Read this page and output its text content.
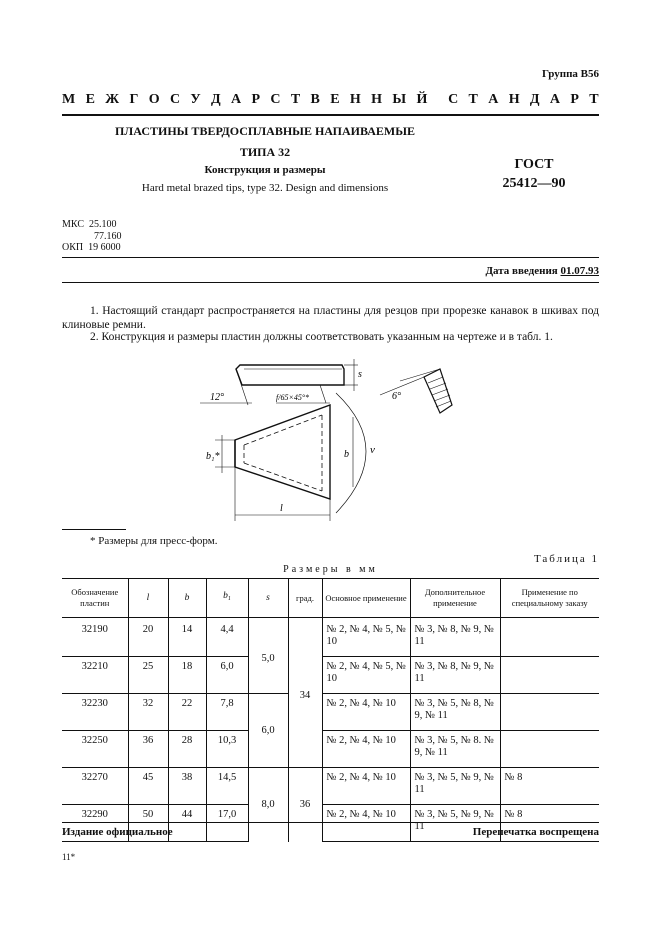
Группа В56
М Е Ж Г О С У Д А Р С Т В Е Н Н Ы Й С Т А Н Д А Р Т
ПЛАСТИНЫ ТВЕРДОСПЛАВНЫЕ НАПАИВАЕМЫЕ
ТИПА 32
Конструкция и размеры
Hard metal brazed tips, type 32. Design and dimensions
ГОСТ
25412—90
МКС 25.100
77.160
ОКП 19 6000
Дата введения 01.07.93
1. Настоящий стандарт распространяется на пластины для резцов при прорезке канавок в шкивах под клиновые ремни.
2. Конструкция и размеры пластин должны соответствовать указанным на чертеже и в табл. 1.
12°	f/65×45°*
s
6°
b₁*	b ν
l
* Размеры для пресс-форм.
Таблица 1
Размеры в мм
Обозначение пластин	l	b	$b_1$	s	град.	Основное применение	Дополнительное применение	Применение по специальному заказу
32190	20	14	4,4	5,0	34	№ 2, № 4, № 5, № 10	№ 3, № 8, № 9, № 11	
32210	25	18	6,0			№ 2, № 4, № 5, № 10	№ 3, № 8, № 9, № 11	
32230	32	22	7,8	6,0		№ 2, № 4, № 10	№ 3, № 5, № 8, № 9, № 11	
32250	36	28	10,3			№ 2, № 4, № 10	№ 3, № 5, № 8. № 9, № 11	
32270	45	38	14,5	8,0	36	№ 2, № 4, № 10	№ 3, № 5, № 9, № 11	№ 8
32290	50	44	17,0			№ 2, № 4, № 10	№ 3, № 5, № 9, № 11	№ 8
Издание официальное	Перепечатка воспрещена
11*
